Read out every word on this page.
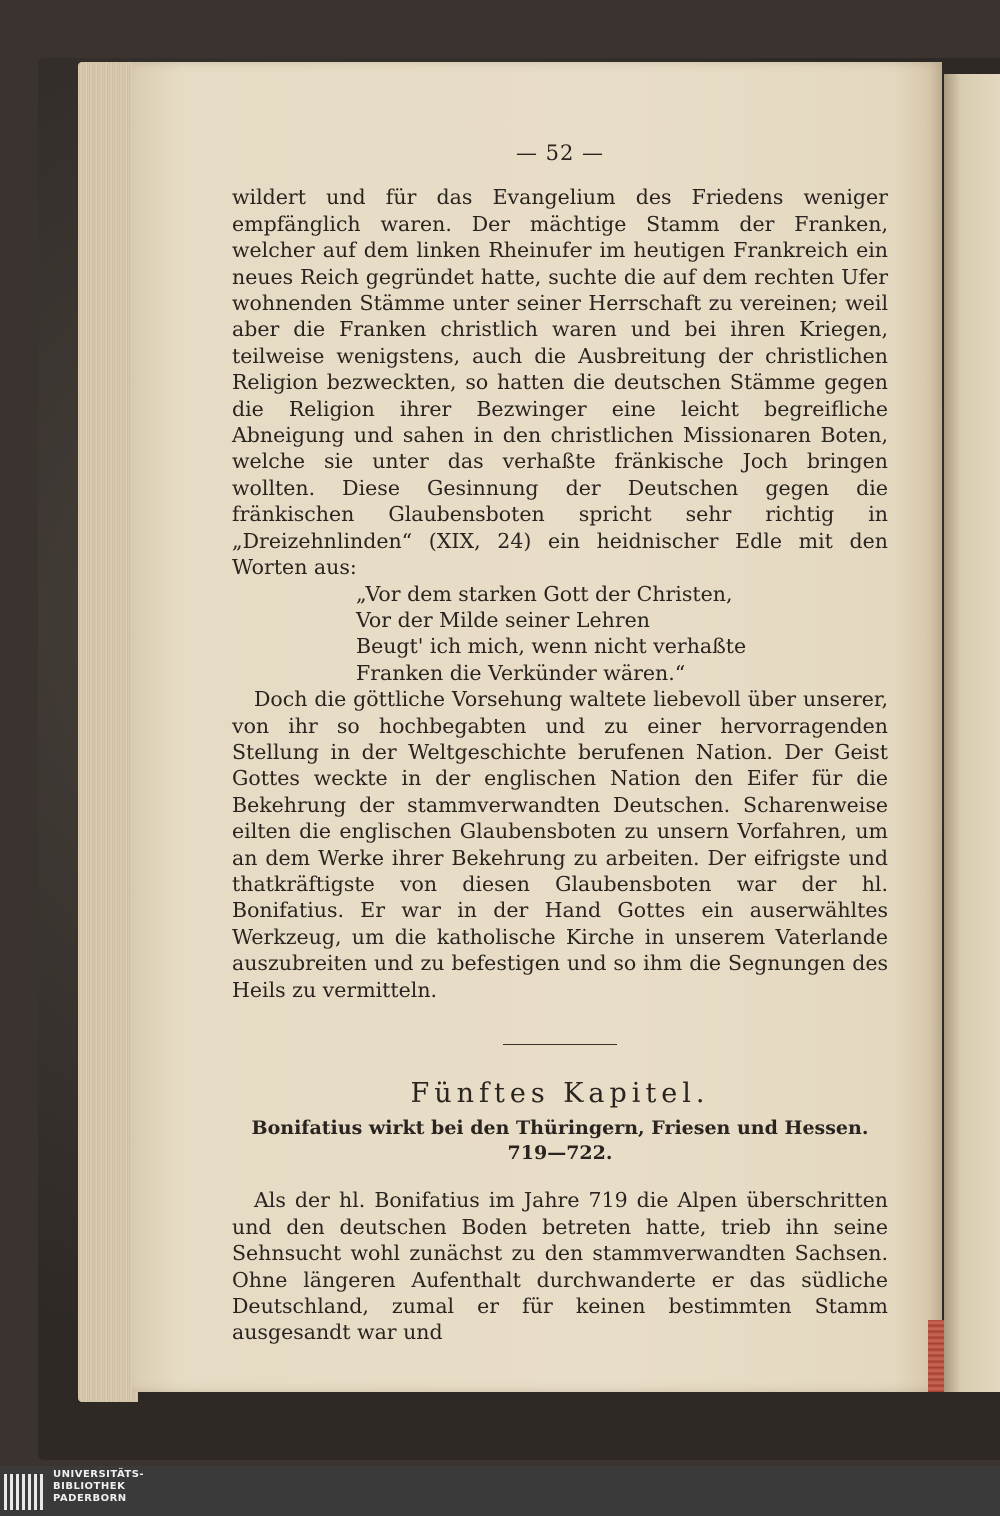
— 52 —

wildert und für das Evangelium des Friedens weniger empfänglich waren. Der mächtige Stamm der Franken, welcher auf dem linken Rheinufer im heutigen Frankreich ein neues Reich gegründet hatte, suchte die auf dem rechten Ufer wohnenden Stämme unter seiner Herrschaft zu vereinen; weil aber die Franken christlich waren und bei ihren Kriegen, teilweise wenigstens, auch die Ausbreitung der christlichen Religion bezweckten, so hatten die deutschen Stämme gegen die Religion ihrer Bezwinger eine leicht begreifliche Abneigung und sahen in den christlichen Missionaren Boten, welche sie unter das verhaßte fränkische Joch bringen wollten. Diese Gesinnung der Deutschen gegen die fränkischen Glaubensboten spricht sehr richtig in „Dreizehnlinden“ (XIX, 24) ein heidnischer Edle mit den Worten aus:

„Vor dem starken Gott der Christen,
Vor der Milde seiner Lehren
Beugt' ich mich, wenn nicht verhaßte
Franken die Verkünder wären.“

Doch die göttliche Vorsehung waltete liebevoll über unserer, von ihr so hochbegabten und zu einer hervorragenden Stellung in der Weltgeschichte berufenen Nation. Der Geist Gottes weckte in der englischen Nation den Eifer für die Bekehrung der stammverwandten Deutschen. Scharenweise eilten die englischen Glaubensboten zu unsern Vorfahren, um an dem Werke ihrer Bekehrung zu arbeiten. Der eifrigste und thatkräftigste von diesen Glaubensboten war der hl. Bonifatius. Er war in der Hand Gottes ein auserwähltes Werkzeug, um die katholische Kirche in unserem Vaterlande auszubreiten und zu befestigen und so ihm die Segnungen des Heils zu vermitteln.

Fünftes Kapitel.
Bonifatius wirkt bei den Thüringern, Friesen und Hessen.
719—722.

Als der hl. Bonifatius im Jahre 719 die Alpen überschritten und den deutschen Boden betreten hatte, trieb ihn seine Sehnsucht wohl zunächst zu den stammverwandten Sachsen. Ohne längeren Aufenthalt durchwanderte er das südliche Deutschland, zumal er für keinen bestimmten Stamm ausgesandt war und

UNIVERSITÄTS-
BIBLIOTHEK
PADERBORN
